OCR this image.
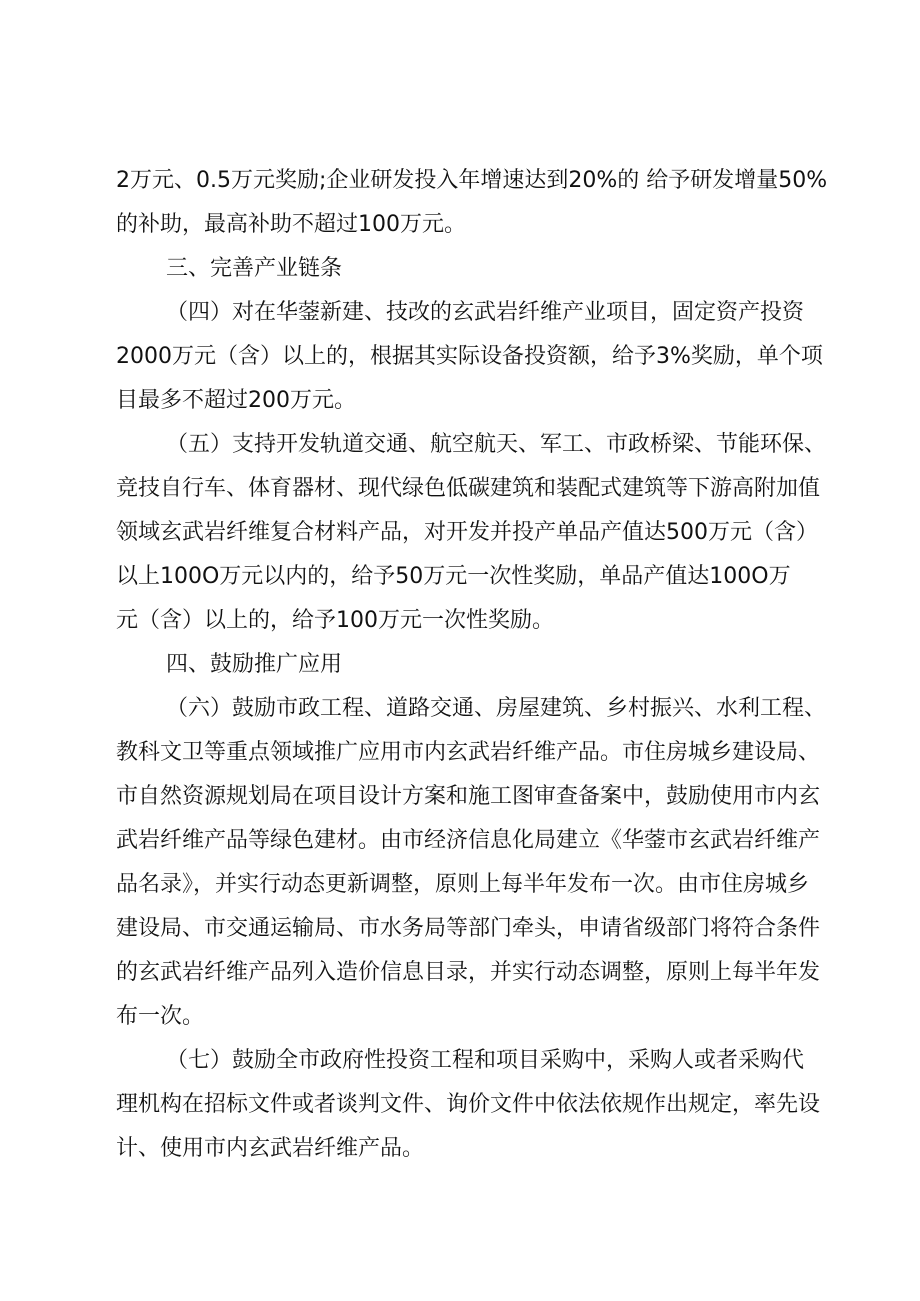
2万元、0.5万元奖励;企业研发投入年增速达到20%的 给予研发增量50%
的补助，最高补助不超过100万元。
三、完善产业链条
（四）对在华蓥新建、技改的玄武岩纤维产业项目，固定资产投资
2000万元（含）以上的，根据其实际设备投资额，给予3%奖励，单个项
目最多不超过200万元。
（五）支持开发轨道交通、航空航天、军工、市政桥梁、节能环保、
竞技自行车、体育器材、现代绿色低碳建筑和装配式建筑等下游高附加值
领域玄武岩纤维复合材料产品，对开发并投产单品产值达500万元（含）
以上100O万元以内的，给予50万元一次性奖励，单品产值达100O万
元（含）以上的，给予100万元一次性奖励。
四、鼓励推广应用
（六）鼓励市政工程、道路交通、房屋建筑、乡村振兴、水利工程、
教科文卫等重点领域推广应用市内玄武岩纤维产品。市住房城乡建设局、
市自然资源规划局在项目设计方案和施工图审查备案中，鼓励使用市内玄
武岩纤维产品等绿色建材。由市经济信息化局建立《华蓥市玄武岩纤维产
品名录》，并实行动态更新调整，原则上每半年发布一次。由市住房城乡
建设局、市交通运输局、市水务局等部门牵头，申请省级部门将符合条件
的玄武岩纤维产品列入造价信息目录，并实行动态调整，原则上每半年发
布一次。
（七）鼓励全市政府性投资工程和项目采购中，采购人或者采购代
理机构在招标文件或者谈判文件、询价文件中依法依规作出规定，率先设
计、使用市内玄武岩纤维产品。
